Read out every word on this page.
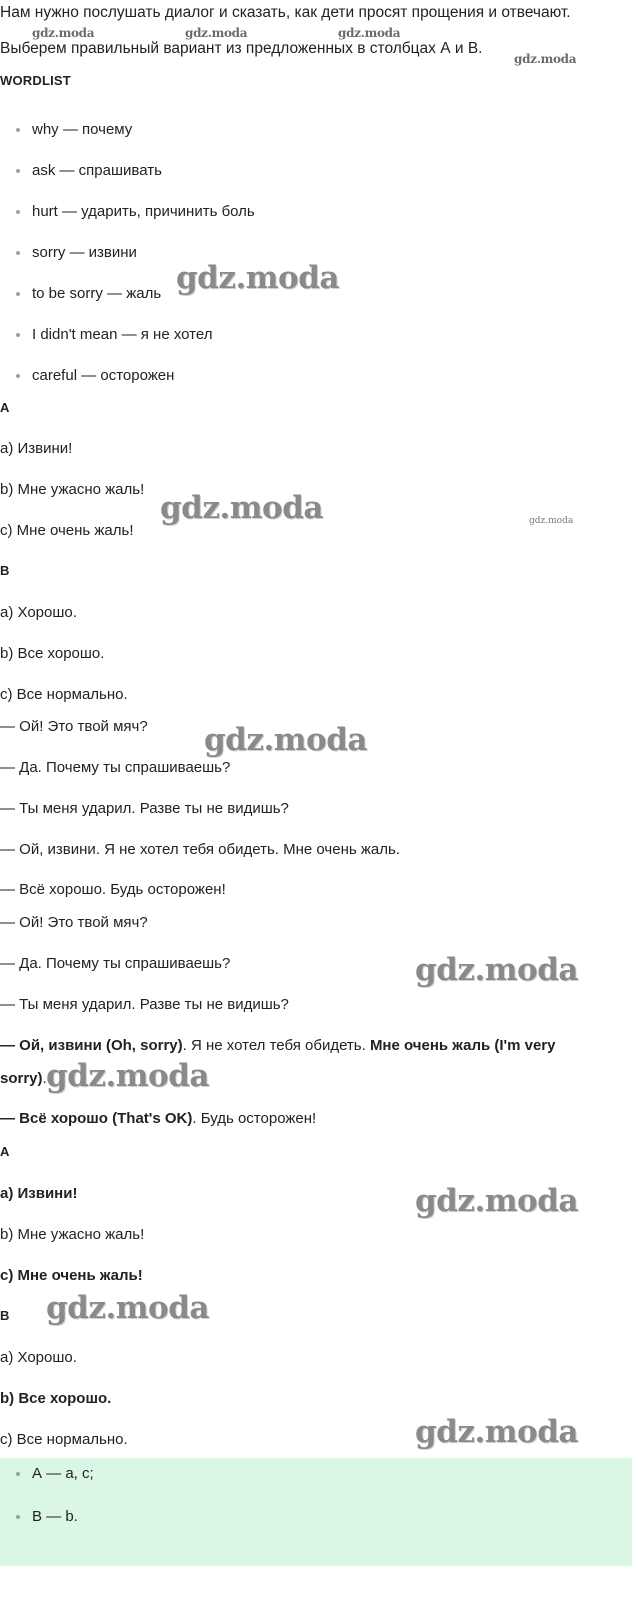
Нам нужно послушать диалог и сказать, как дети просят прощения и отвечают.
Выберем правильный вариант из предложенных в столбцах А и В.
gdz.moda	gdz.moda	gdz.moda
gdz.moda
WORDLIST
why — почему
ask — спрашивать
hurt — ударить, причинить боль
sorry — извини
to be sorry — жаль
I didn't mean — я не хотел
careful — осторожен
gdz.moda
A
a) Извини!
b) Мне ужасно жаль!
c) Мне очень жаль!
gdz.moda	gdz.moda
B
a) Хорошо.
b) Все хорошо.
c) Все нормально.
— Ой! Это твой мяч? gdz.moda
— Да. Почему ты спрашиваешь?
— Ты меня ударил. Разве ты не видишь?
— Ой, извини. Я не хотел тебя обидеть. Мне очень жаль.
— Всё хорошо. Будь осторожен!
— Ой! Это твой мяч?
— Да. Почему ты спрашиваешь?	gdz.moda
— Ты меня ударил. Разве ты не видишь?
— Ой, извини (Oh, sorry). Я не хотел тебя обидеть. Мне очень жаль (I'm very
sorry). gdz.moda
— Всё хорошо (That's OK). Будь осторожен!
A
a) Извини!	gdz.moda
b) Мне ужасно жаль!
c) Мне очень жаль!
B gdz.moda
a) Хорошо.
b) Все хорошо.
c) Все нормально.	gdz.moda
А — a, c;
В — b.
